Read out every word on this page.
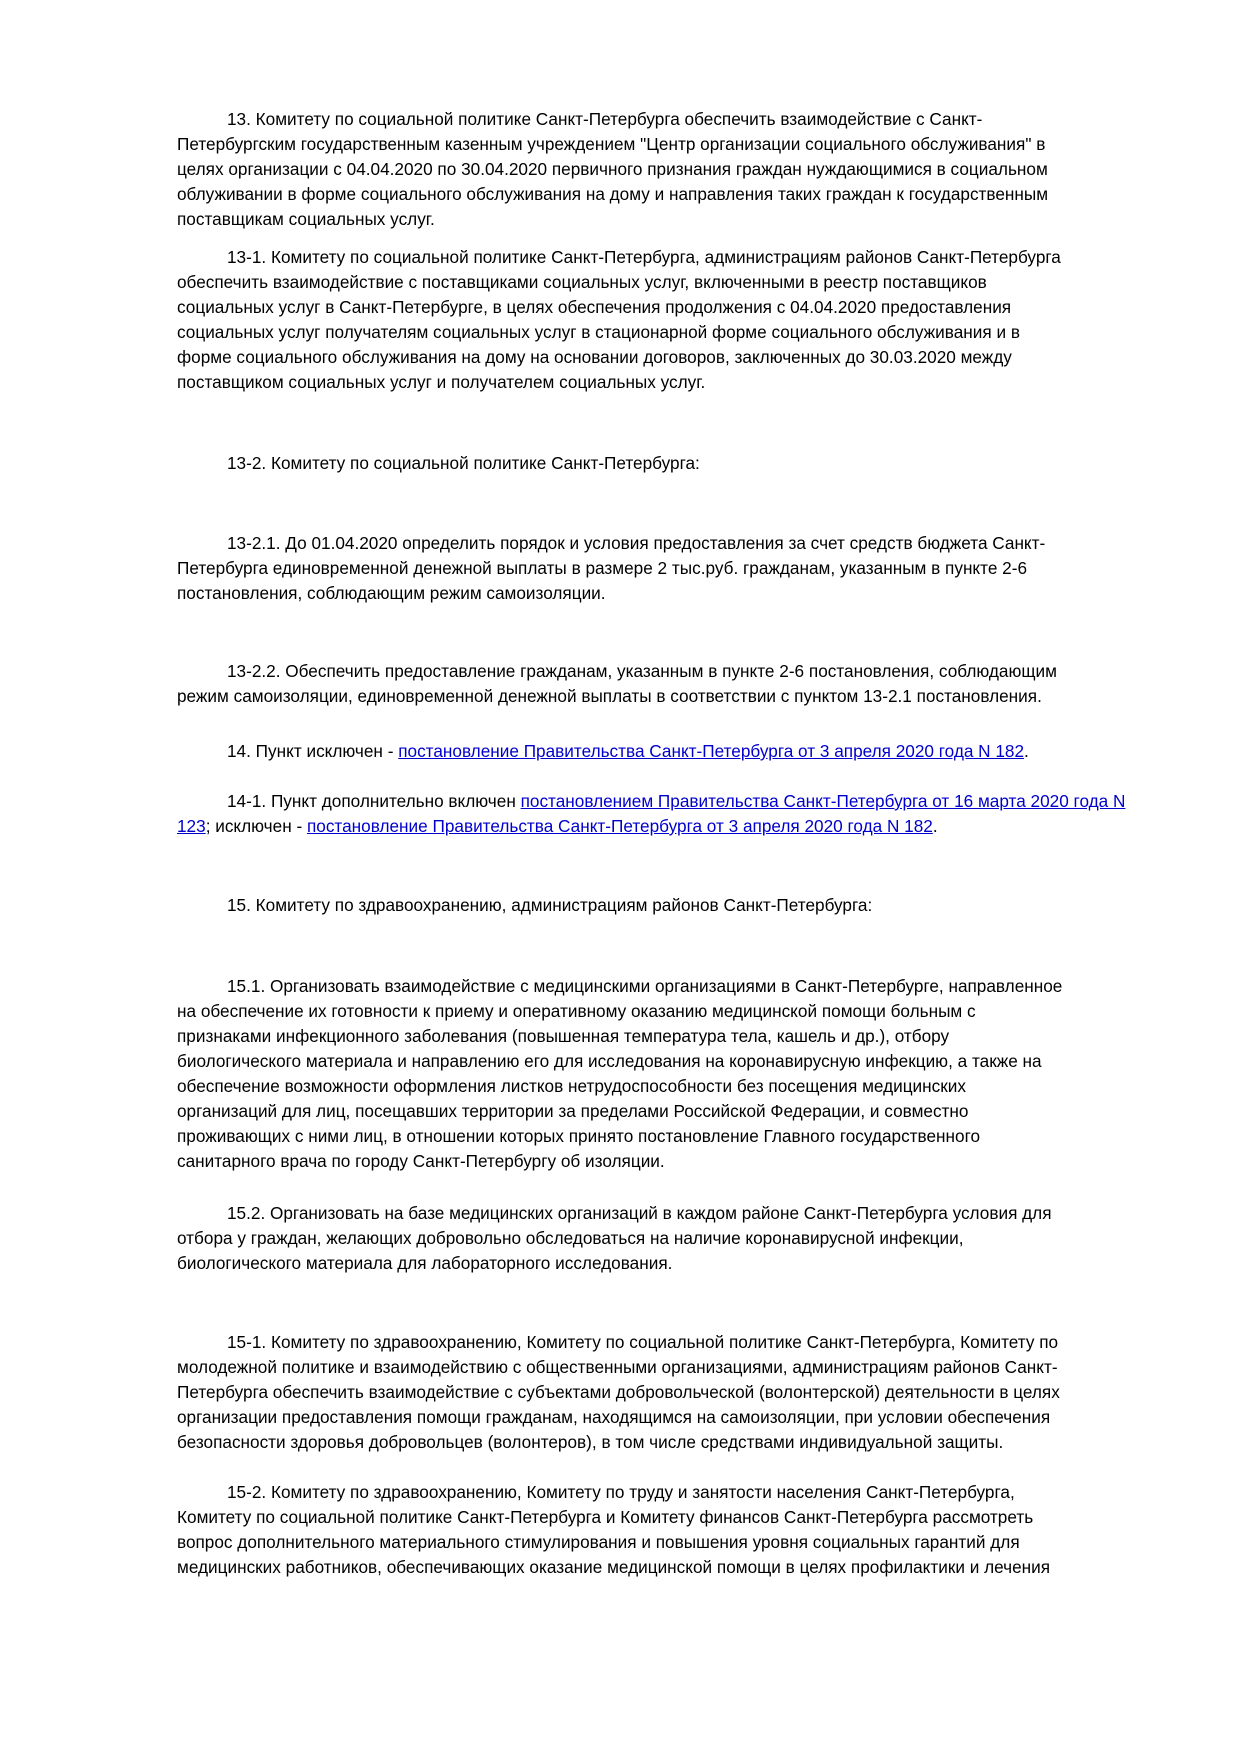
13. Комитету по социальной политике Санкт-Петербурга обеспечить взаимодействие с Санкт-
Петербургским государственным казенным учреждением "Центр организации социального обслуживания" в
целях организации с 04.04.2020 по 30.04.2020 первичного признания граждан нуждающимися в социальном
облуживании в форме социального обслуживания на дому и направления таких граждан к государственным
поставщикам социальных услуг.

13-1. Комитету по социальной политике Санкт-Петербурга, администрациям районов Санкт-Петербурга
обеспечить взаимодействие с поставщиками социальных услуг, включенными в реестр поставщиков
социальных услуг в Санкт-Петербурге, в целях обеспечения продолжения с 04.04.2020 предоставления
социальных услуг получателям социальных услуг в стационарной форме социального обслуживания и в
форме социального обслуживания на дому на основании договоров, заключенных до 30.03.2020 между
поставщиком социальных услуг и получателем социальных услуг.

13-2. Комитету по социальной политике Санкт-Петербурга:

13-2.1. До 01.04.2020 определить порядок и условия предоставления за счет средств бюджета Санкт-
Петербурга единовременной денежной выплаты в размере 2 тыс.руб. гражданам, указанным в пункте 2-6
постановления, соблюдающим режим самоизоляции.

13-2.2. Обеспечить предоставление гражданам, указанным в пункте 2-6 постановления, соблюдающим
режим самоизоляции, единовременной денежной выплаты в соответствии с пунктом 13-2.1 постановления.

14. Пункт исключен - постановление Правительства Санкт-Петербурга от 3 апреля 2020 года N 182.

14-1. Пункт дополнительно включен постановлением Правительства Санкт-Петербурга от 16 марта 2020 года N 123; исключен - постановление Правительства Санкт-Петербурга от 3 апреля 2020 года N 182.

15. Комитету по здравоохранению, администрациям районов Санкт-Петербурга:

15.1. Организовать взаимодействие с медицинскими организациями в Санкт-Петербурге, направленное
на обеспечение их готовности к приему и оперативному оказанию медицинской помощи больным с
признаками инфекционного заболевания (повышенная температура тела, кашель и др.), отбору
биологического материала и направлению его для исследования на коронавирусную инфекцию, а также на
обеспечение возможности оформления листков нетрудоспособности без посещения медицинских
организаций для лиц, посещавших территории за пределами Российской Федерации, и совместно
проживающих с ними лиц, в отношении которых принято постановление Главного государственного
санитарного врача по городу Санкт-Петербургу об изоляции.

15.2. Организовать на базе медицинских организаций в каждом районе Санкт-Петербурга условия для
отбора у граждан, желающих добровольно обследоваться на наличие коронавирусной инфекции,
биологического материала для лабораторного исследования.

15-1. Комитету по здравоохранению, Комитету по социальной политике Санкт-Петербурга, Комитету по
молодежной политике и взаимодействию с общественными организациями, администрациям районов Санкт-
Петербурга обеспечить взаимодействие с субъектами добровольческой (волонтерской) деятельности в целях
организации предоставления помощи гражданам, находящимся на самоизоляции, при условии обеспечения
безопасности здоровья добровольцев (волонтеров), в том числе средствами индивидуальной защиты.

15-2. Комитету по здравоохранению, Комитету по труду и занятости населения Санкт-Петербурга,
Комитету по социальной политике Санкт-Петербурга и Комитету финансов Санкт-Петербурга рассмотреть
вопрос дополнительного материального стимулирования и повышения уровня социальных гарантий для
медицинских работников, обеспечивающих оказание медицинской помощи в целях профилактики и лечения
